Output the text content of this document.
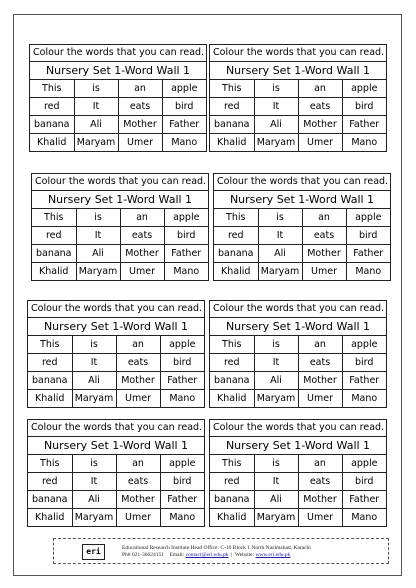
Colour the words that you can read.
Nursery Set 1-Word Wall 1
This	is	an	apple
red	It	eats	bird
banana	Ali	Mother	Father
Khalid	Maryam	Umer	Mano
Colour the words that you can read.
Nursery Set 1-Word Wall 1
This	is	an	apple
red	It	eats	bird
banana	Ali	Mother	Father
Khalid	Maryam	Umer	Mano
Colour the words that you can read.
Nursery Set 1-Word Wall 1
This	is	an	apple
red	It	eats	bird
banana	Ali	Mother	Father
Khalid	Maryam	Umer	Mano
Colour the words that you can read.
Nursery Set 1-Word Wall 1
This	is	an	apple
red	It	eats	bird
banana	Ali	Mother	Father
Khalid	Maryam	Umer	Mano
Colour the words that you can read.
Nursery Set 1-Word Wall 1
This	is	an	apple
red	It	eats	bird
banana	Ali	Mother	Father
Khalid	Maryam	Umer	Mano
Colour the words that you can read.
Nursery Set 1-Word Wall 1
This	is	an	apple
red	It	eats	bird
banana	Ali	Mother	Father
Khalid	Maryam	Umer	Mano
Colour the words that you can read.
Nursery Set 1-Word Wall 1
This	is	an	apple
red	It	eats	bird
banana	Ali	Mother	Father
Khalid	Maryam	Umer	Mano
Colour the words that you can read.
Nursery Set 1-Word Wall 1
This	is	an	apple
red	It	eats	bird
banana	Ali	Mother	Father
Khalid	Maryam	Umer	Mano
eri	Educational Research Institute Head Office: C-10 Block 1 North Nazimabad, Karachi
Ph# 021-36624151 Email: contact@eri.edu.pk  |  Website: www.eri.edu.pk
